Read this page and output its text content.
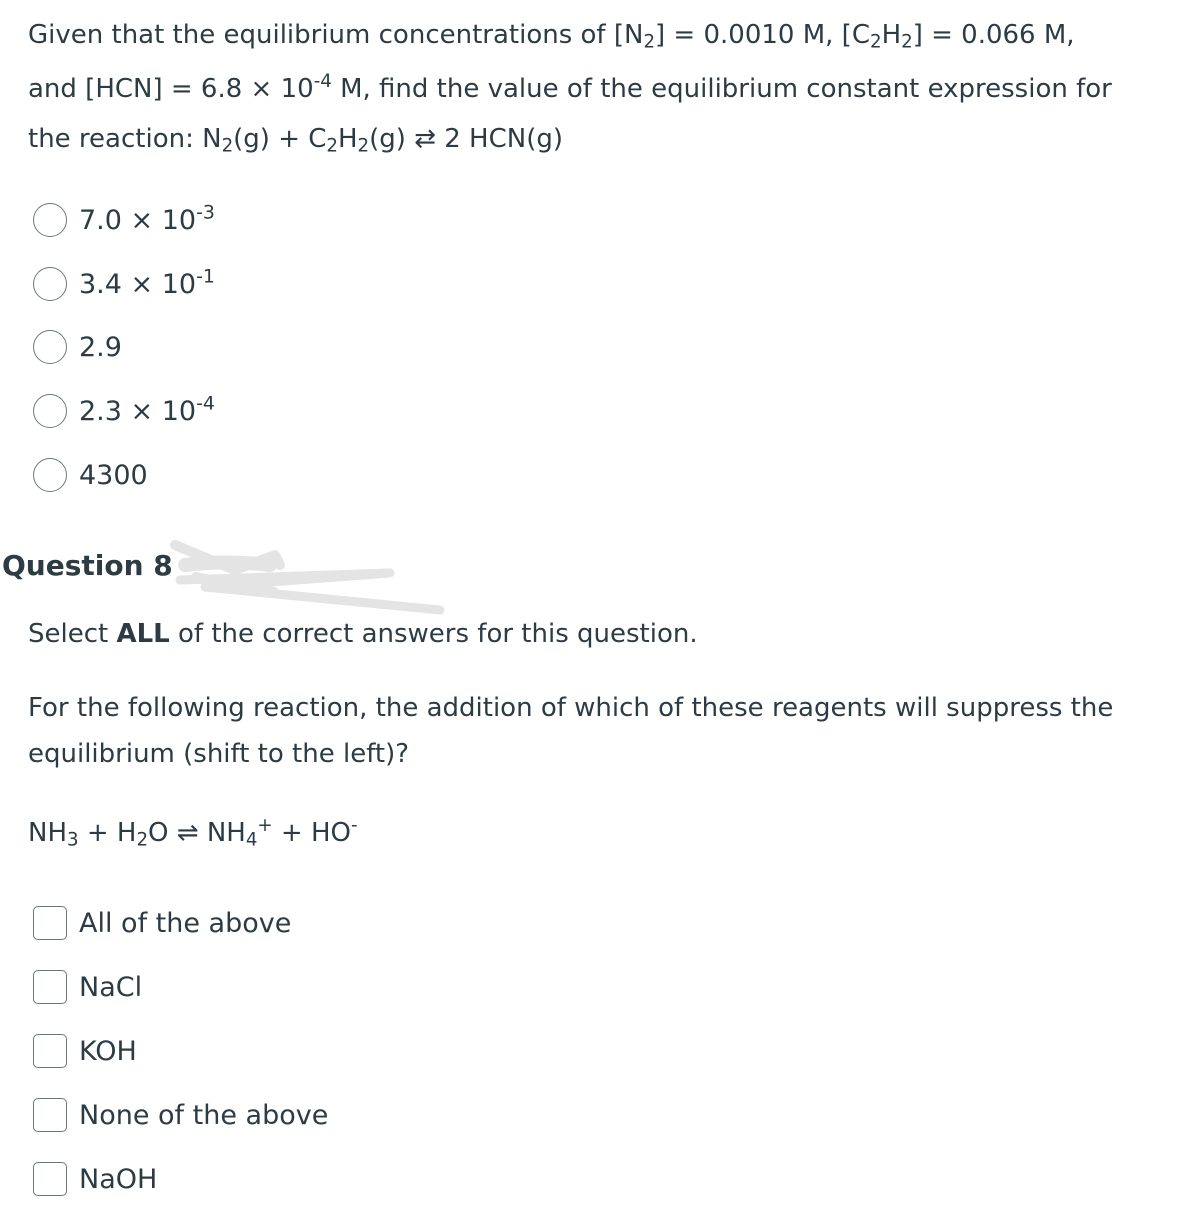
Given that the equilibrium concentrations of $[N_2] = 0.0010$ M, $[C_2H_2] = 0.066$ M,
and $[HCN] = 6.8 \times 10^{-4}$ M, find the value of the equilibrium constant expression for

the reaction: $N_2(g) + C_2H_2(g)$ ⇄ 2 HCN(g)
$7.0 \times 10^{-3}$
$3.4 \times 10^{-1}$
2.9
$2.3 \times 10^{-4}$
4300
Question 8
Select ALL of the correct answers for this question.
For the following reaction, the addition of which of these reagents will suppress the
equilibrium (shift to the left)?
$NH_3 + H_2O$ ⇌ $NH_4^+ + HO^-$
All of the above
NaCl
KOH
None of the above
NaOH
